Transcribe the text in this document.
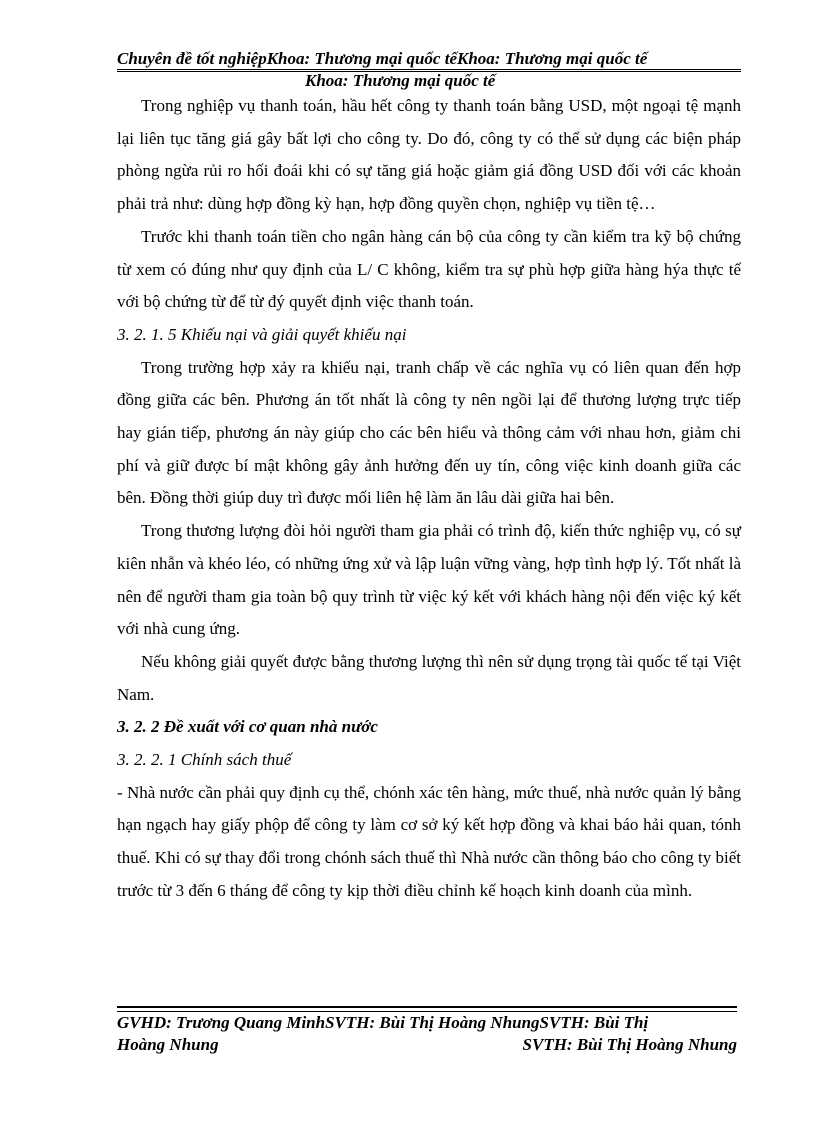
Chuyên đề tốt nghiệpKhoa: Thương mại quốc tếKhoa: Thương mại quốc tế
Khoa: Thương mại quốc tế

Trong nghiệp vụ thanh toán, hầu hết công ty thanh toán bằng USD, một ngoại tệ mạnh lại liên tục tăng giá gây bất lợi cho công ty. Do đó, công ty có thể sử dụng các biện pháp phòng ngừa rủi ro hối đoái khi có sự tăng giá hoặc giảm giá đồng USD đối với các khoản phải trả như: dùng hợp đồng kỳ hạn, hợp đồng quyền chọn, nghiệp vụ tiền tệ…

Trước khi thanh toán tiền cho ngân hàng cán bộ của công ty cần kiểm tra kỹ bộ chứng từ xem có đúng như quy định của L/ C không, kiểm tra sự phù hợp giữa hàng hýa thực tế với bộ chứng từ để từ đý quyết định việc thanh toán.

3. 2. 1. 5 Khiếu nại và giải quyết khiếu nại

Trong trường hợp xảy ra khiếu nại, tranh chấp về các nghĩa vụ có liên quan đến hợp đồng giữa các bên. Phương án tốt nhất là công ty nên ngồi lại để thương lượng trực tiếp hay gián tiếp, phương án này giúp cho các bên hiểu và thông cảm với nhau hơn, giảm chi phí và giữ được bí mật không gây ảnh hưởng đến uy tín, công việc kinh doanh giữa các bên. Đồng thời giúp duy trì được mối liên hệ làm ăn lâu dài giữa hai bên.

Trong thương lượng đòi hỏi người tham gia phải có trình độ, kiến thức nghiệp vụ, có sự kiên nhẫn và khéo léo, có những ứng xử và lập luận vững vàng, hợp tình hợp lý. Tốt nhất là nên để người tham gia toàn bộ quy trình từ việc ký kết với khách hàng nội đến việc ký kết với nhà cung ứng.

Nếu không giải quyết được bằng thương lượng thì nên sử dụng trọng tài quốc tế tại Việt Nam.

3. 2. 2 Đề xuất với cơ quan nhà nước

3. 2. 2. 1 Chính sách thuế

- Nhà nước cần phải quy định cụ thể, chónh xác tên hàng, mức thuế, nhà nước quản lý bằng hạn ngạch hay giấy phộp để công ty làm cơ sở ký kết hợp đồng và khai báo hải quan, tónh thuế. Khi có sự thay đổi trong chónh sách thuế thì Nhà nước cần thông báo cho công ty biết trước từ 3 đến 6 tháng để công ty kịp thời điều chỉnh kế hoạch kinh doanh của mình.

GVHD: Trương Quang MinhSVTH: Bùi Thị Hoàng NhungSVTH: Bùi Thị
Hoàng Nhung	SVTH: Bùi Thị Hoàng Nhung
